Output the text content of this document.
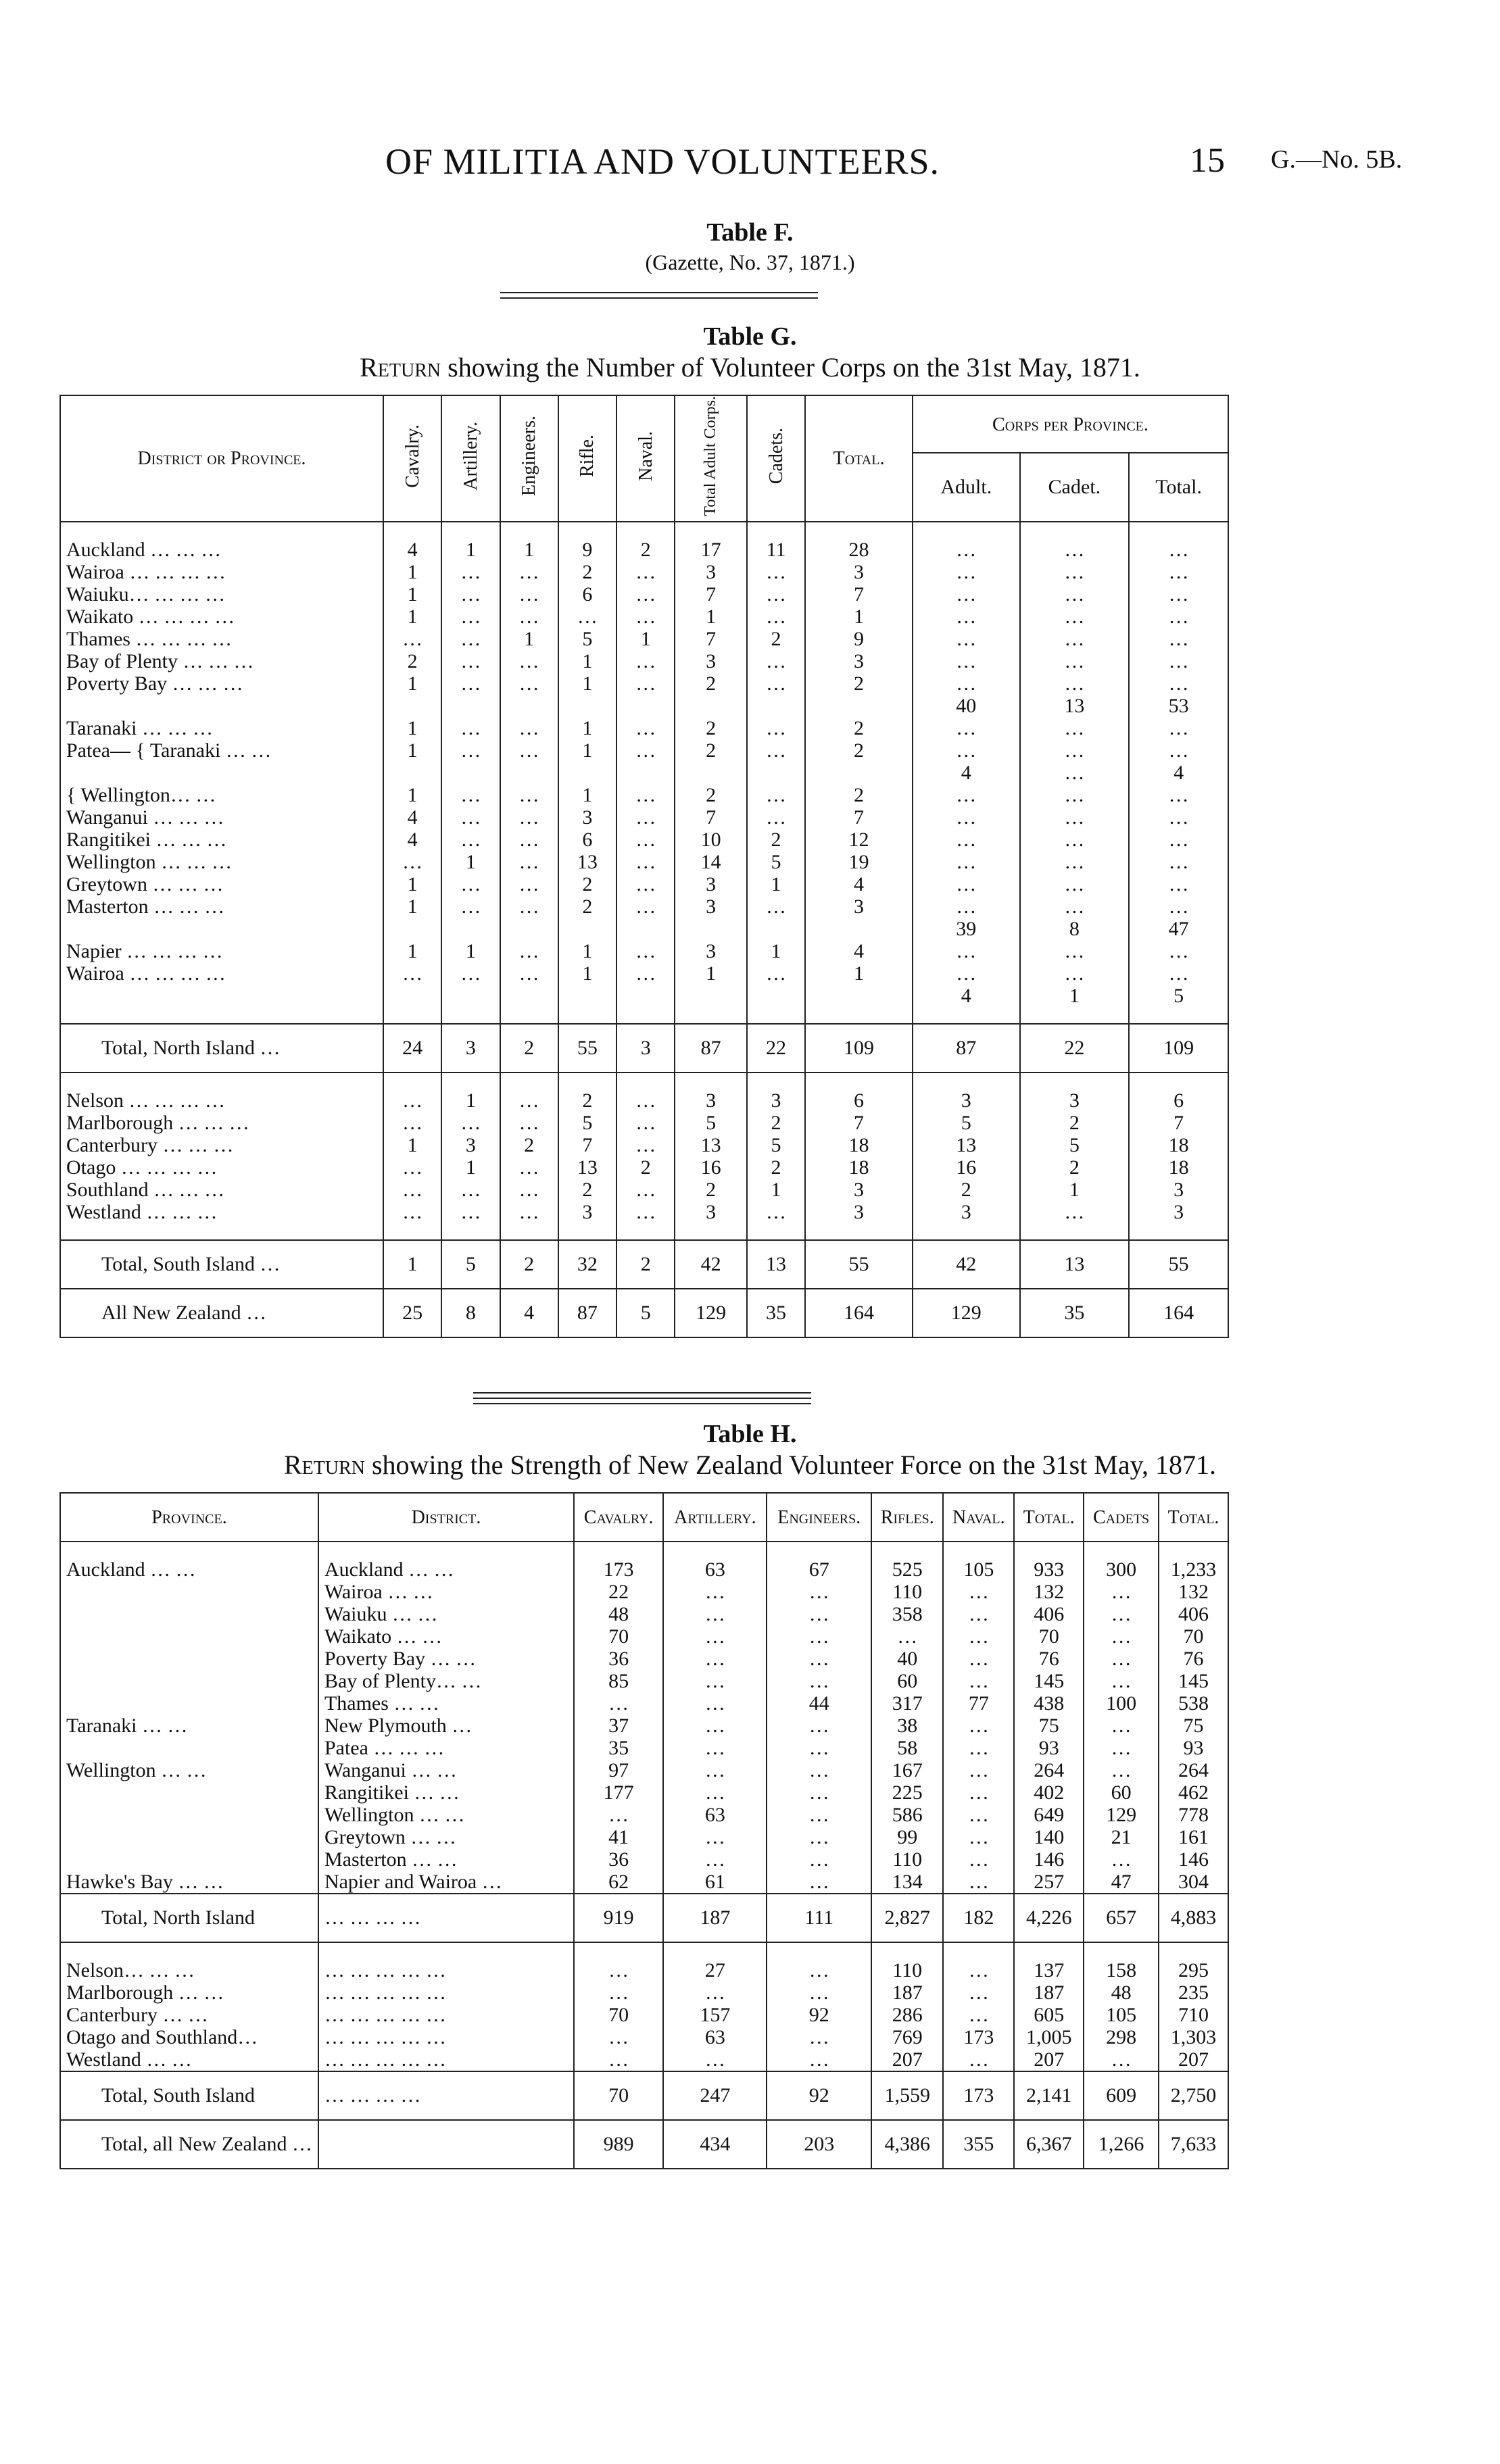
OF MILITIA AND VOLUNTEERS.	15 G.—No. 5B.
Table F.
(Gazette, No. 37, 1871.)
Table G.
Return showing the Number of Volunteer Corps on the 31st May, 1871.
District or Province.	Cavalry.	Artillery.	Engineers.	Rifle.	Naval.	Total Adult Corps.	Cadets.	Total.	Corps per Province.		
									Adult.	Cadet.	Total.

Auckland … … …	4	1	1	9	2	17	11	28	…	…	…
Wairoa … … … …	1	…	…	2	…	3	…	3	…	…	…
Waiuku… … … …	1	…	…	6	…	7	…	7	…	…	…
Waikato … … … …	1	…	…	…	…	1	…	1	…	…	…
Thames … … … …	…	…	1	5	1	7	2	9	…	…	…
Bay of Plenty … … …	2	…	…	1	…	3	…	3	…	…	…
Poverty Bay … … …	1	…	…	1	…	2	…	2	…	…	…
									40	13	53
Taranaki … … …	1	…	…	1	…	2	…	2	…	…	…
Patea— { Taranaki … …	1	…	…	1	…	2	…	2	…	…	…
									4	…	4
{ Wellington… …	1	…	…	1	…	2	…	2	…	…	…
Wanganui … … …	4	…	…	3	…	7	…	7	…	…	…
Rangitikei … … …	4	…	…	6	…	10	2	12	…	…	…
Wellington … … …	…	1	…	13	…	14	5	19	…	…	…
Greytown … … …	1	…	…	2	…	3	1	4	…	…	…
Masterton … … …	1	…	…	2	…	3	…	3	…	…	…
									39	8	47
Napier … … … …	1	1	…	1	…	3	1	4	…	…	…
Wairoa … … … …	…	…	…	1	…	1	…	1	…	…	…
									4	1	5

Total, North Island …	24	3	2	55	3	87	22	109	87	22	109

Nelson … … … …	…	1	…	2	…	3	3	6	3	3	6
Marlborough … … …	…	…	…	5	…	5	2	7	5	2	7
Canterbury … … …	1	3	2	7	…	13	5	18	13	5	18
Otago … … … …	…	1	…	13	2	16	2	18	16	2	18
Southland … … …	…	…	…	2	…	2	1	3	2	1	3
Westland … … …	…	…	…	3	…	3	…	3	3	…	3

Total, South Island …	1	5	2	32	2	42	13	55	42	13	55
All New Zealand …	25	8	4	87	5	129	35	164	129	35	164
Table H.
Return showing the Strength of New Zealand Volunteer Force on the 31st May, 1871.
Province.	District.	Cavalry.	Artillery.	Engineers.	Rifles.	Naval.	Total.	Cadets	Total.

Auckland … …	Auckland … …	173	63	67	525	105	933	300	1,233
	Wairoa … …	22	…	…	110	…	132	…	132
	Waiuku … …	48	…	…	358	…	406	…	406
	Waikato … …	70	…	…	…	…	70	…	70
	Poverty Bay … …	36	…	…	40	…	76	…	76
	Bay of Plenty… …	85	…	…	60	…	145	…	145
	Thames … …	…	…	44	317	77	438	100	538
Taranaki … …	New Plymouth …	37	…	…	38	…	75	…	75
	Patea … … …	35	…	…	58	…	93	…	93
Wellington … …	Wanganui … …	97	…	…	167	…	264	…	264
	Rangitikei … …	177	…	…	225	…	402	60	462
	Wellington … …	…	63	…	586	…	649	129	778
	Greytown … …	41	…	…	99	…	140	21	161
	Masterton … …	36	…	…	110	…	146	…	146
Hawke's Bay … …	Napier and Wairoa …	62	61	…	134	…	257	47	304
Total, North Island	… … … …	919	187	111	2,827	182	4,226	657	4,883

Nelson… … …	… … … … …	…	27	…	110	…	137	158	295
Marlborough … …	… … … … …	…	…	…	187	…	187	48	235
Canterbury … …	… … … … …	70	157	92	286	…	605	105	710
Otago and Southland…	… … … … …	…	63	…	769	173	1,005	298	1,303
Westland … …	… … … … …	…	…	…	207	…	207	…	207
Total, South Island	… … … …	70	247	92	1,559	173	2,141	609	2,750
Total, all New Zealand …		989	434	203	4,386	355	6,367	1,266	7,633
